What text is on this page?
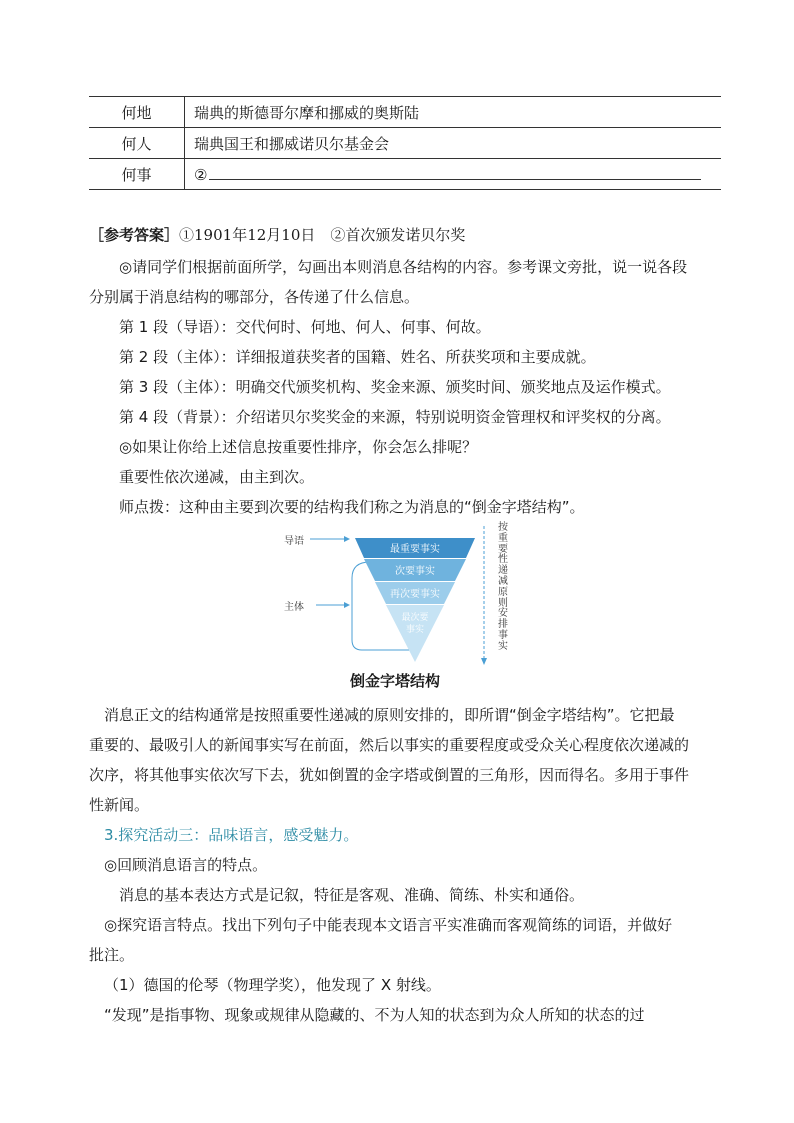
何地	瑞典的斯德哥尔摩和挪威的奥斯陆
何人	瑞典国王和挪威诺贝尔基金会
何事	②
［参考答案］①1901年12月10日　②首次颁发诺贝尔奖
◎请同学们根据前面所学，勾画出本则消息各结构的内容。参考课文旁批，说一说各段
分别属于消息结构的哪部分，各传递了什么信息。
第 1 段（导语）：交代何时、何地、何人、何事、何故。
第 2 段（主体）：详细报道获奖者的国籍、姓名、所获奖项和主要成就。
第 3 段（主体）：明确交代颁奖机构、奖金来源、颁奖时间、颁奖地点及运作模式。
第 4 段（背景）：介绍诺贝尔奖奖金的来源，特别说明资金管理权和评奖权的分离。
◎如果让你给上述信息按重要性排序，你会怎么排呢？
重要性依次递减，由主到次。
师点拨：这种由主要到次要的结构我们称之为消息的“倒金字塔结构”。
导语
主体
最重要事实
次要事实
再次要事实
最次要
事实
按重要性递减原则安排事实
倒金字塔结构
消息正文的结构通常是按照重要性递减的原则安排的，即所谓“倒金字塔结构”。它把最
重要的、最吸引人的新闻事实写在前面，然后以事实的重要程度或受众关心程度依次递减的
次序，将其他事实依次写下去，犹如倒置的金字塔或倒置的三角形，因而得名。多用于事件
性新闻。
3.探究活动三：品味语言，感受魅力。
◎回顾消息语言的特点。
消息的基本表达方式是记叙，特征是客观、准确、简练、朴实和通俗。
◎探究语言特点。找出下列句子中能表现本文语言平实准确而客观简练的词语，并做好
批注。
（1）德国的伦琴（物理学奖），他发现了 X 射线。
“发现”是指事物、现象或规律从隐藏的、不为人知的状态到为众人所知的状态的过
